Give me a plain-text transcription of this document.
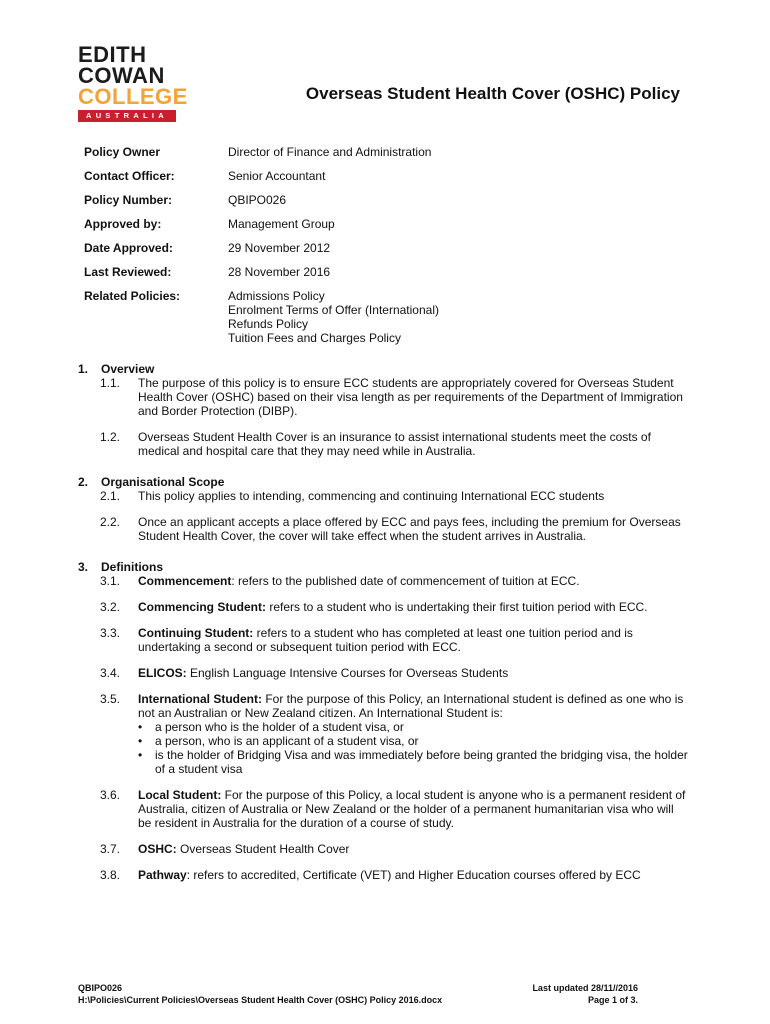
EDITH
COWAN
COLLEGE
AUSTRALIA
Overseas Student Health Cover (OSHC) Policy
Policy Owner	Director of Finance and Administration
Contact Officer:	Senior Accountant
Policy Number:	QBIPO026
Approved by:	Management Group
Date Approved:	29 November 2012
Last Reviewed:	28 November 2016
Related Policies:	Admissions Policy
Enrolment Terms of Offer (International)
Refunds Policy
Tuition Fees and Charges Policy
1.	Overview
1.1.	The purpose of this policy is to ensure ECC students are appropriately covered for Overseas Student Health Cover (OSHC) based on their visa length as per requirements of the Department of Immigration and Border Protection (DIBP).
1.2.	Overseas Student Health Cover is an insurance to assist international students meet the costs of medical and hospital care that they may need while in Australia.
2.	Organisational Scope
2.1.	This policy applies to intending, commencing and continuing International ECC students
2.2.	Once an applicant accepts a place offered by ECC and pays fees, including the premium for Overseas Student Health Cover, the cover will take effect when the student arrives in Australia.
3.	Definitions
3.1.	Commencement: refers to the published date of commencement of tuition at ECC.
3.2.	Commencing Student: refers to a student who is undertaking their first tuition period with ECC.
3.3.	Continuing Student: refers to a student who has completed at least one tuition period and is undertaking a second or subsequent tuition period with ECC.
3.4.	ELICOS: English Language Intensive Courses for Overseas Students
3.5.	International Student: For the purpose of this Policy, an International student is defined as one who is not an Australian or New Zealand citizen. An International Student is:
• a person who is the holder of a student visa, or
• a person, who is an applicant of a student visa, or
• is the holder of Bridging Visa and was immediately before being granted the bridging visa, the holder of a student visa
3.6.	Local Student: For the purpose of this Policy, a local student is anyone who is a permanent resident of Australia, citizen of Australia or New Zealand or the holder of a permanent humanitarian visa who will be resident in Australia for the duration of a course of study.
3.7.	OSHC: Overseas Student Health Cover
3.8.	Pathway: refers to accredited, Certificate (VET) and Higher Education courses offered by ECC
QBIPO026	Last updated 28/11//2016
H:\Policies\Current Policies\Overseas Student Health Cover (OSHC) Policy 2016.docx	Page 1 of 3.
